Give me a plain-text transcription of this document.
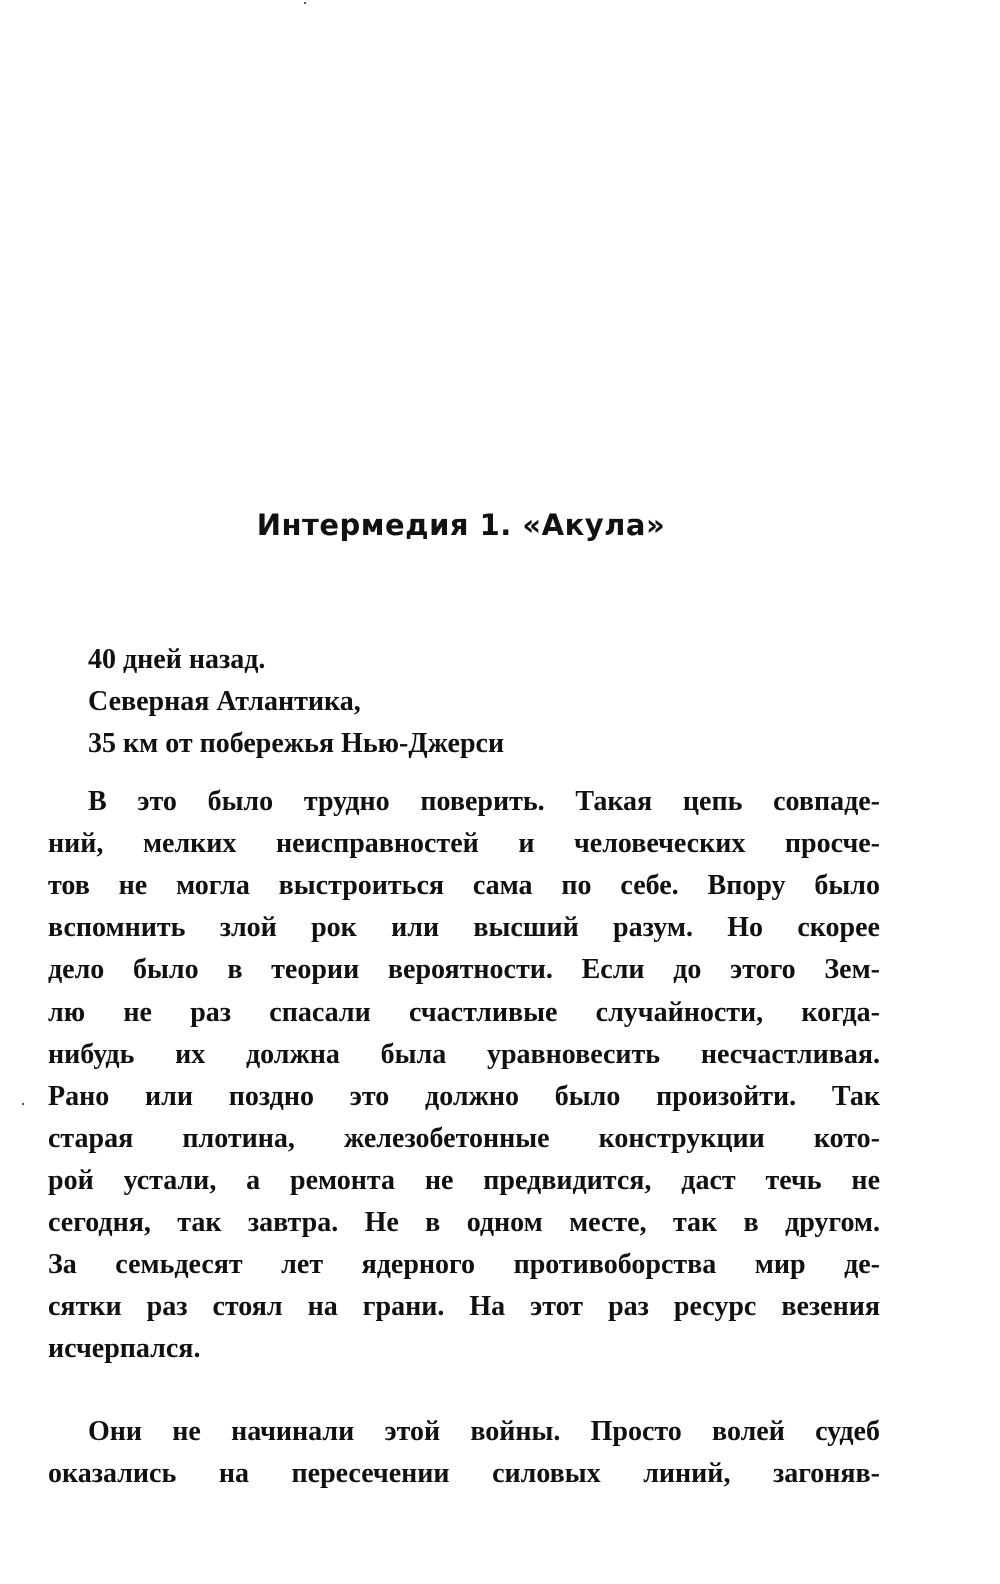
Интермедия 1. «Акула»
40 дней назад.
Северная Атлантика,
35 км от побережья Нью-Джерси
В это было трудно поверить. Такая цепь совпаде-
ний, мелких неисправностей и человеческих просче-
тов не могла выстроиться сама по себе. Впору было
вспомнить злой рок или высший разум. Но скорее
дело было в теории вероятности. Если до этого Зем-
лю не раз спасали счастливые случайности, когда-
нибудь их должна была уравновесить несчастливая.
Рано или поздно это должно было произойти. Так
старая плотина, железобетонные конструкции кото-
рой устали, а ремонта не предвидится, даст течь не
сегодня, так завтра. Не в одном месте, так в другом.
За семьдесят лет ядерного противоборства мир де-
сятки раз стоял на грани. На этот раз ресурс везения
исчерпался.
Они не начинали этой войны. Просто волей судеб
оказались на пересечении силовых линий, загоняв-
